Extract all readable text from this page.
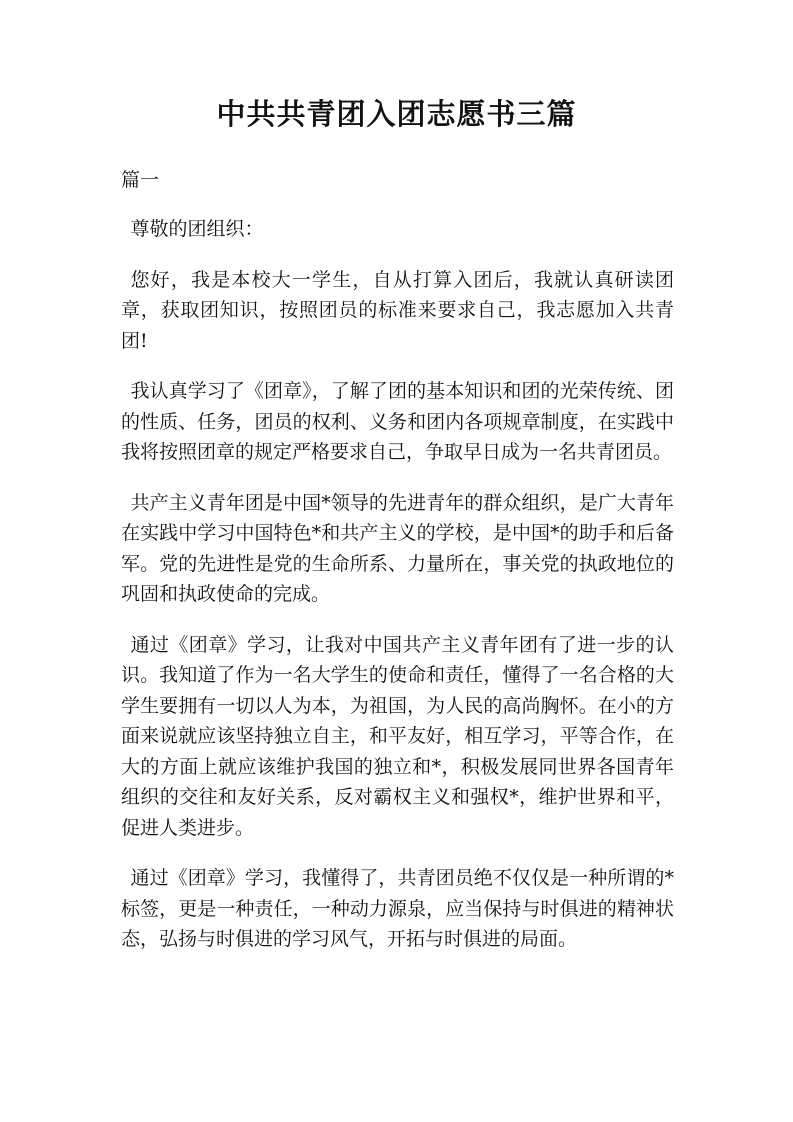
中共共青团入团志愿书三篇
篇一

尊敬的团组织：

您好，我是本校大一学生，自从打算入团后，我就认真研读团章，获取团知识，按照团员的标准来要求自己，我志愿加入共青团!

我认真学习了《团章》，了解了团的基本知识和团的光荣传统、团的性质、任务，团员的权利、义务和团内各项规章制度，在实践中我将按照团章的规定严格要求自己，争取早日成为一名共青团员。

共产主义青年团是中国*领导的先进青年的群众组织，是广大青年在实践中学习中国特色*和共产主义的学校，是中国*的助手和后备军。党的先进性是党的生命所系、力量所在，事关党的执政地位的巩固和执政使命的完成。

通过《团章》学习，让我对中国共产主义青年团有了进一步的认识。我知道了作为一名大学生的使命和责任，懂得了一名合格的大学生要拥有一切以人为本，为祖国，为人民的高尚胸怀。在小的方面来说就应该坚持独立自主，和平友好，相互学习，平等合作，在大的方面上就应该维护我国的独立和*，积极发展同世界各国青年组织的交往和友好关系，反对霸权主义和强权*，维护世界和平，促进人类进步。

通过《团章》学习，我懂得了，共青团员绝不仅仅是一种所谓的*标签，更是一种责任，一种动力源泉，应当保持与时俱进的精神状态，弘扬与时俱进的学习风气，开拓与时俱进的局面。
